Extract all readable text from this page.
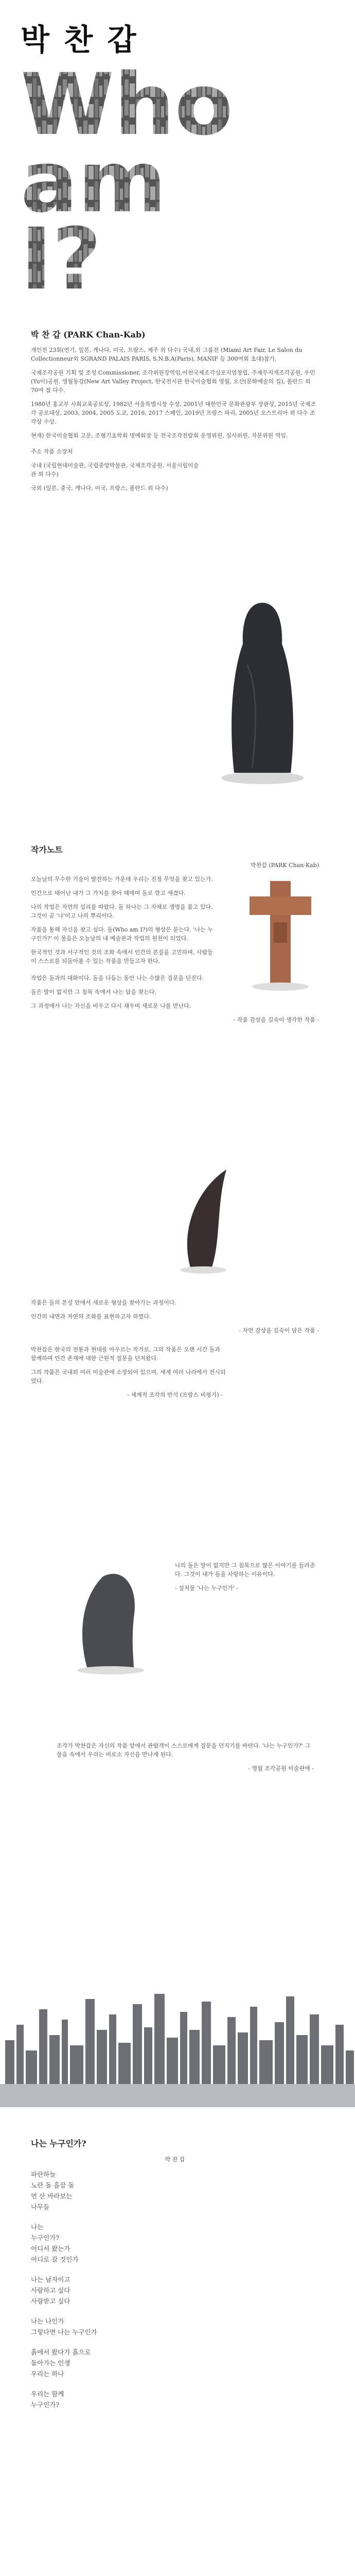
박 찬 갑
Who
am
I?
박 찬 갑 (PARK Chan-Kab)

개인전 23회(연기, 일본, 캐나다, 미국, 프랑스, 제주 외 다수) 국내,외 그룹전 (Miami Art Fair, Le Salon du Collectionneur외 SGRAND PALAIS PARIS, S.N.B.A(Paris), MANIF 등 300여회 초대)참가.

국제조각공원 기획 및 조성 Commissioner, 조각위원장역임,이천국제조각심포지엄창립, 주제무지개조각공원, 우민(Yu이)공원, 영월동강(New Art Valley Project, 한국전시관 한국미술협회 영월, 오산(문화예술의 집), 폴란드 외 70여 점 다수.

1980년 홍교부 사회교육공로상, 1982년 서울특별시장 수상, 2001년 대한민국 문화관광부 장관상, 2015년 국제조각 공로대상, 2003, 2004, 2005 도쿄, 2016, 2017 스페인, 2019년 프랑스 파리, 2005년 오스트리아 외 다수 조각상 수상.

현재) 한국미술협회 고문, 조형기초학회 명예회장 등 전국조각전람회 운영위원, 심사위원, 자문위원 역임.

주소 작품 소장처

국내 (국립현대미술관, 국립중앙박물관, 국제조각공원, 서울시립미술관 외 다수)

국외 (일본, 중국, 캐나다, 미국, 프랑스, 폴란드 외 다수)

작가노트

박찬갑 (PARK Chan-Kab)

오늘날의 무수한 기술이 발전하는 가운데 우리는 진정 무엇을 찾고 있는가.

인간으로 태어난 내가 그 가치를 찾아 헤매며 돌로 깎고 새겼다.

나의 작업은 자연의 섭리를 따랐다. 돌 하나는 그 자체로 생명을 품고 있다. 그것이 곧 '나'이고 나의 뿌리이다.

작품을 통해 자신을 찾고 싶다. 돌(Who am I?)의 형상은 묻는다. '나는 누구인가?' 이 물음은 오늘날의 내 예술관과 작업의 원천이 되었다.

한국적인 것과 서구적인 것의 조화 속에서 인간의 본질을 고민하며, 사람들이 스스로를 되돌아볼 수 있는 작품을 만들고자 한다.

작업은 돌과의 대화이다. 돌을 다듬는 동안 나는 수많은 질문을 던진다.

돌은 말이 없지만 그 침묵 속에서 나는 답을 찾는다.

그 과정에서 나는 자신을 비우고 다시 채우며 새로운 나를 만난다.

- 작품 감상을 깊숙이 생각한 작품 -

작품은 돌의 본성 안에서 새로운 형상을 찾아가는 과정이다.

인간의 내면과 자연의 조화를 표현하고자 하였다.

- 자연 감상을 깊숙이 담은 작품 -

박찬갑은 한국의 전통과 현대를 아우르는 작가로, 그의 작품은 오랜 시간 돌과 함께하며 인간 존재에 대한 근원적 질문을 던져왔다.

그의 작품은 국내외 여러 미술관에 소장되어 있으며, 세계 여러 나라에서 전시되었다.

- 세계적 조각의 반석 (프랑스 비평가) -

나의 돌은 말이 없지만 그 침묵으로 많은 이야기를 들려준다. 그것이 내가 돌을 사랑하는 이유이다.

- 설치물 '나는 누구인가' -

조각가 박찬갑은 자신의 작품 앞에서 관람객이 스스로에게 질문을 던지기를 바란다. '나는 누구인가?' 그 물음 속에서 우리는 비로소 자신을 만나게 된다.

- 영월 조각공원 미술관에 -

나는 누구인가?

박 찬 갑

파란하늘
노란 돌 흘끔 돌
먼 산 바라보는
나무들
나는
누구인가?
어디서 왔는가
어디로 갈 것인가
나는 남자이고
사랑하고 싶다
사랑받고 싶다
나는 나인가
그렇다면 나는 누구인가
흙에서 왔다가 흙으로
돌아가는 인생
우리는 하나
우리는 함께
누구인가?
